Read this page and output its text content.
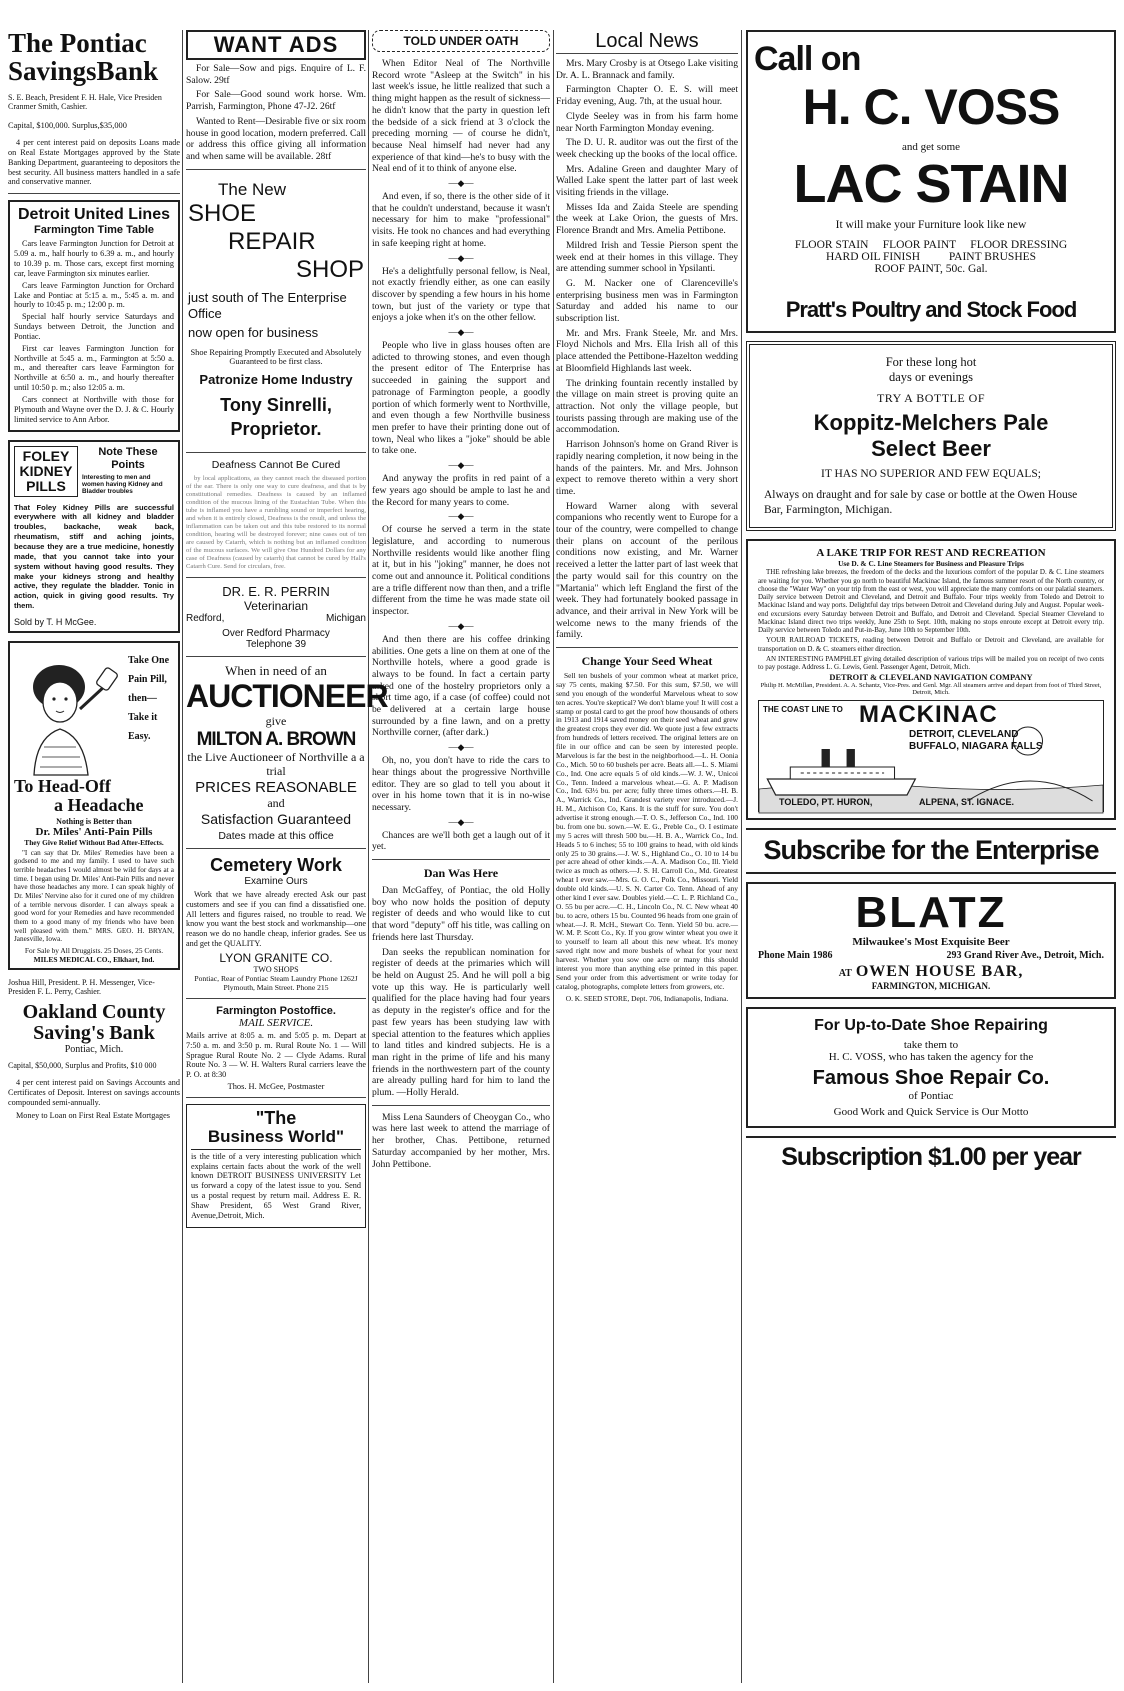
The Pontiac SavingsBank
S. E. Beach, President F. H. Hale, Vice Presiden Cranmer Smith, Cashier.
Capital, $100,000. Surplus,$35,000

4 per cent interest paid on deposits Loans made on Real Estate Mortgages approved by the State Banking Department, guaranteeing to depositors the best security. All business matters handled in a safe and conservative manner.

Detroit United Lines
Farmington Time Table

Cars leave Farmington Junction for Detroit at 5.09 a. m., half hourly to 6.39 a. m., and hourly to 10.39 p. m. Those cars, except first morning car, leave Farmington six minutes earlier.

Cars leave Farmington Junction for Orchard Lake and Pontiac at 5:15 a. m., 5:45 a. m. and hourly to 10:45 p. m.; 12:00 p. m.

Special half hourly service Saturdays and Sundays between Detroit, the Junction and Pontiac.

First car leaves Farmington Junction for Northville at 5:45 a. m., Farmington at 5:50 a. m., and thereafter cars leave Farmington for Northville at 6:50 a. m., and hourly thereafter until 10:50 p. m.; also 12:05 a. m.

Cars connect at Northville with those for Plymouth and Wayne over the D. J. & C. Hourly limited service to Ann Arbor.

FOLEY KIDNEY PILLS
Note These Points
Interesting to men and women having Kidney and Bladder troubles

That Foley Kidney Pills are successful everywhere with all kidney and bladder troubles, backache, weak back, rheumatism, stiff and aching joints, because they are a true medicine, honestly made, that you cannot take into your system without having good results. They make your kidneys strong and healthy active, they regulate the bladder. Tonic in action, quick in giving good results. Try them.

Sold by T. H McGee.
Take One Pain Pill, then— Take it Easy.
To Head-Off
a Headache
Nothing is Better than
Dr. Miles' Anti-Pain Pills
They Give Relief Without Bad After-Effects.

"I can say that Dr. Miles' Remedies have been a godsend to me and my family. I used to have such terrible headaches I would almost be wild for days at a time. I began using Dr. Miles' Anti-Pain Pills and never have those headaches any more. I can speak highly of Dr. Miles' Nervine also for it cured one of my children of a terrible nervous disorder. I can always speak a good word for your Remedies and have recommended them to a good many of my friends who have been well pleased with them." MRS. GEO. H. BRYAN, Janesville, Iowa.

For Sale by All Druggists. 25 Doses, 25 Cents.
MILES MEDICAL CO., Elkhart, Ind.
Joshua Hill, President. P. H. Messenger, Vice-Presiden F. L. Perry, Cashier.
Oakland County Saving's Bank
Pontiac, Mich.
Capital, $50,000, Surplus and Profits, $10 000

4 per cent interest paid on Savings Accounts and Certificates of Deposit. Interest on savings accounts compounded semi-annually.

Money to Loan on First Real Estate Mortgages

WANT ADS

For Sale—Sow and pigs. Enquire of L. F. Salow. 29tf

For Sale—Good sound work horse. Wm. Parrish, Farmington, Phone 47-J2. 26tf

Wanted to Rent—Desirable five or six room house in good location, modern preferred. Call or address this office giving all information and when same will be available. 28tf

The New
SHOE
REPAIR
SHOP
just south of The Enterprise Office
now open for business
Shoe Repairing Promptly Executed and Absolutely Guaranteed to be first class.
Patronize Home Industry
Tony Sinrelli, Proprietor.
Deafness Cannot Be Cured

by local applications, as they cannot reach the diseased portion of the ear. There is only one way to cure deafness, and that is by constitutional remedies. Deafness is caused by an inflamed condition of the mucous lining of the Eustachian Tube. When this tube is inflamed you have a rumbling sound or imperfect hearing, and when it is entirely closed, Deafness is the result, and unless the inflammation can be taken out and this tube restored to its normal condition, hearing will be destroyed forever; nine cases out of ten are caused by Catarrh, which is nothing but an inflamed condition of the mucous surfaces. We will give One Hundred Dollars for any case of Deafness (caused by catarrh) that cannot be cured by Hall's Catarrh Cure. Send for circulars, free.

DR. E. R. PERRIN
Veterinarian
Redford,	Michigan
Over Redford Pharmacy
Telephone 39
When in need of an
AUCTIONEER
give
MILTON A. BROWN
the Live Auctioneer of Northville a a trial
PRICES REASONABLE
and
Satisfaction Guaranteed
Dates made at this office
Cemetery Work
Examine Ours

Work that we have already erected Ask our past customers and see if you can find a dissatisfied one. All letters and figures raised, no trouble to read. We know you want the best stock and workmanship—one reason we do no handle cheap, inferior grades. See us and get the QUALITY.

LYON GRANITE CO.
TWO SHOPS
Pontiac, Rear of Pontiac Steam Laundry Phone 1262J
Plymouth, Main Street. Phone 215
Farmington Postoffice.
MAIL SERVICE.

Mails arrive at 8:05 a. m. and 5:05 p. m. Depart at 7:50 a. m. and 3:50 p. m. Rural Route No. 1 — Will Sprague Rural Route No. 2 — Clyde Adams. Rural Route No. 3 — W. H. Walters Rural carriers leave the P. O. at 8:30

Thos. H. McGee, Postmaster
"The
Business World"

is the title of a very interesting publication which explains certain facts about the work of the well known DETROIT BUSINESS UNIVERSITY Let us forward a copy of the latest issue to you. Send us a postal request by return mail. Address E. R. Shaw President, 65 West Grand River, Avenue,Detroit, Mich.

TOLD UNDER OATH

When Editor Neal of The Northville Record wrote "Asleep at the Switch" in his last week's issue, he little realized that such a thing might happen as the result of sickness—he didn't know that the party in question left the bedside of a sick friend at 3 o'clock the preceding morning — of course he didn't, because Neal himself had never had any experience of that kind—he's to busy with the Neal end of it to think of anyone else.

—◆—

And even, if so, there is the other side of it that he couldn't understand, because it wasn't necessary for him to make "professional" visits. He took no chances and had everything in safe keeping right at home.

—◆—

He's a delightfully personal fellow, is Neal, not exactly friendly either, as one can easily discover by spending a few hours in his home town, but just of the variety or type that enjoys a joke when it's on the other fellow.

—◆—

People who live in glass houses often are adicted to throwing stones, and even though the present editor of The Enterprise has succeeded in gaining the support and patronage of Farmington people, a goodly portion of which formerly went to Northville, and even though a few Northville business men prefer to have their printing done out of town, Neal who likes a "joke" should be able to take one.

—◆—

And anyway the profits in red paint of a few years ago should be ample to last he and the Record for many years to come.

—◆—

Of course he served a term in the state legislature, and according to numerous Northville residents would like another fling at it, but in his "joking" manner, he does not come out and announce it. Political conditions are a trifle different now than then, and a trifle different from the time he was made state oil inspector.

—◆—

And then there are his coffee drinking abilities. One gets a line on them at one of the Northville hotels, where a good grade is always to be found. In fact a certain party asked one of the hostelry proprietors only a short time ago, if a case (of coffee) could not be delivered at a certain large house surrounded by a fine lawn, and on a pretty Northville corner, (after dark.)

—◆—

Oh, no, you don't have to ride the cars to hear things about the progressive Northville editor. They are so glad to tell you about it over in his home town that it is in no-wise necessary.

—◆—

Chances are we'll both get a laugh out of it yet.

Dan Was Here

Dan McGaffey, of Pontiac, the old Holly boy who now holds the position of deputy register of deeds and who would like to cut that word "deputy" off his title, was calling on friends here last Thursday.

Dan seeks the republican nomination for register of deeds at the primaries which will be held on August 25. And he will poll a big vote up this way. He is particularly well qualified for the place having had four years as deputy in the register's office and for the past few years has been studying law with special attention to the features which applies to land titles and kindred subjects. He is a man right in the prime of life and his many friends in the northwestern part of the county are already pulling hard for him to land the plum. —Holly Herald.

Miss Lena Saunders of Cheoygan Co., who was here last week to attend the marriage of her brother, Chas. Pettibone, returned Saturday accompanied by her mother, Mrs. John Pettibone.

Local News

Mrs. Mary Crosby is at Otsego Lake visiting Dr. A. L. Brannack and family.

Farmington Chapter O. E. S. will meet Friday evening, Aug. 7th, at the usual hour.

Clyde Seeley was in from his farm home near North Farmington Monday evening.

The D. U. R. auditor was out the first of the week checking up the books of the local office.

Mrs. Adaline Green and daughter Mary of Walled Lake spent the latter part of last week visiting friends in the village.

Misses Ida and Zaida Steele are spending the week at Lake Orion, the guests of Mrs. Florence Brandt and Mrs. Amelia Pettibone.

Mildred Irish and Tessie Pierson spent the week end at their homes in this village. They are attending summer school in Ypsilanti.

G. M. Nacker one of Clarenceville's enterprising business men was in Farmington Saturday and added his name to our subscription list.

Mr. and Mrs. Frank Steele, Mr. and Mrs. Floyd Nichols and Mrs. Ella Irish all of this place attended the Pettibone-Hazelton wedding at Bloomfield Highlands last week.

The drinking fountain recently installed by the village on main street is proving quite an attraction. Not only the village people, but tourists passing through are making use of the accommodation.

Harrison Johnson's home on Grand River is rapidly nearing completion, it now being in the hands of the painters. Mr. and Mrs. Johnson expect to remove thereto within a very short time.

Howard Warner along with several companions who recently went to Europe for a tour of the country, were compelled to change their plans on account of the perilous conditions now existing, and Mr. Warner received a letter the latter part of last week that the party would sail for this country on the "Martania" which left England the first of the week. They had fortunately booked passage in advance, and their arrival in New York will be welcome news to the many friends of the family.

Change Your Seed Wheat

Sell ten bushels of your common wheat at market price, say 75 cents, making $7.50. For this sum, $7.50, we will send you enough of the wonderful Marvelous wheat to sow ten acres. You're skeptical? We don't blame you! It will cost a stamp or postal card to get the proof how thousands of others in 1913 and 1914 saved money on their seed wheat and grew the greatest crops they ever did. We quote just a few extracts from hundreds of letters received. The original letters are on file in our office and can be seen by interested people. Marvelous is far the best in the neighborhood.—L. H. Oonia Co., Mich. 50 to 60 bushels per acre. Beats all.—L. S. Miami Co., Ind. One acre equals 5 of old kinds.—W. J. W., Unicoi Co., Tenn. Indeed a marvelous wheat.—G. A. P. Madison Co., Ind. 63½ bu. per acre; fully three times others.—H. B. A., Warrick Co., Ind. Grandest variety ever introduced.—J. H. M., Atchison Co, Kans. It is the stuff for sure. You don't advertise it strong enough.—T. O. S., Jefferson Co., Ind. 100 bu. from one bu. sown.—W. E. G., Preble Co., O. I estimate my 5 acres will thresh 500 bu.—H. B. A., Warrick Co., Ind. Heads 5 to 6 inches; 55 to 100 grains to head, with old kinds only 25 to 30 grains.—J. W. S., Highland Co., O. 10 to 14 bu per acre ahead of other kinds.—A. A. Madison Co., Ill. Yield twice as much as others.—J. S. H. Carroll Co., Md. Greatest wheat I ever saw.—Mrs. G. O. C., Polk Co., Missouri. Yield double old kinds.—U. S. N. Carter Co. Tenn. Ahead of any other kind I ever saw. Doubles yield.—C. L. P. Richland Co., O. 55 bu per acre.—C. H., Lincoln Co., N. C. New wheat 40 bu. to acre, others 15 bu. Counted 96 heads from one grain of wheat.—J. R. McH., Stewart Co. Tenn. Yield 50 bu. acre.—W. M. P. Scott Co., Ky. If you grow winter wheat you owe it to yourself to learn all about this new wheat. It's money saved right now and more bushels of wheat for your next harvest. Whether you sow one acre or many this should interest you more than anything else printed in this paper. Send your order from this advertisment or write today for catalog, photographs, complete letters from growers, etc.

O. K. SEED STORE, Dept. 706, Indianapolis, Indiana.
Call on
H. C. VOSS
and get some
LAC STAIN
It will make your Furniture look like new
FLOOR STAIN     FLOOR PAINT     FLOOR DRESSING
HARD OIL FINISH          PAINT BRUSHES
ROOF PAINT, 50c. Gal.
Pratt's Poultry and Stock Food
For these long hot
days or evenings
TRY A BOTTLE OF
Koppitz-Melchers Pale
Select Beer
IT HAS NO SUPERIOR AND FEW EQUALS;

Always on draught and for sale by case or bottle at the Owen House Bar, Farmington, Michigan.

A LAKE TRIP FOR REST AND RECREATION
Use D. & C. Line Steamers for Business and Pleasure Trips

THE refreshing lake breezes, the freedom of the decks and the luxurious comfort of the popular D. & C. Line steamers are waiting for you. Whether you go north to beautiful Mackinac Island, the famous summer resort of the North country, or choose the "Water Way" on your trip from the east or west, you will appreciate the many comforts on our palatial steamers. Daily service between Detroit and Cleveland, and Detroit and Buffalo. Four trips weekly from Toledo and Detroit to Mackinac Island and way ports. Delightful day trips between Detroit and Cleveland during July and August. Popular week-end excursions every Saturday between Detroit and Buffalo, and Detroit and Cleveland. Special Steamer Cleveland to Mackinac Island direct two trips weekly, June 25th to Sept. 10th, making no stops enroute except at Detroit every trip. Daily service between Toledo and Put-in-Bay, June 10th to September 10th.

YOUR RAILROAD TICKETS, reading between Detroit and Buffalo or Detroit and Cleveland, are available for transportation on D. & C. steamers either direction.

AN INTERESTING PAMPHLET giving detailed description of various trips will be mailed you on receipt of two cents to pay postage. Address L. G. Lewis, Genl. Passenger Agent, Detroit, Mich.

DETROIT & CLEVELAND NAVIGATION COMPANY
Philip H. McMillan, President. A. A. Schantz, Vice-Pres. and Genl. Mgr. All steamers arrive and depart from foot of Third Street, Detroit, Mich.
THE COAST LINE TO MACKINAC
DETROIT, CLEVELAND
BUFFALO, NIAGARA FALLS
TOLEDO, PT. HURON,	ALPENA, ST. IGNACE.
Subscribe for the Enterprise
BLATZ
Milwaukee's Most Exquisite Beer
Phone Main 1986	293 Grand River Ave., Detroit, Mich.
AT OWEN HOUSE BAR,
FARMINGTON, MICHIGAN.
For Up-to-Date Shoe Repairing
take them to
H. C. VOSS, who has taken the agency for the
Famous Shoe Repair Co.
of Pontiac
Good Work and Quick Service is Our Motto
Subscription $1.00 per year
